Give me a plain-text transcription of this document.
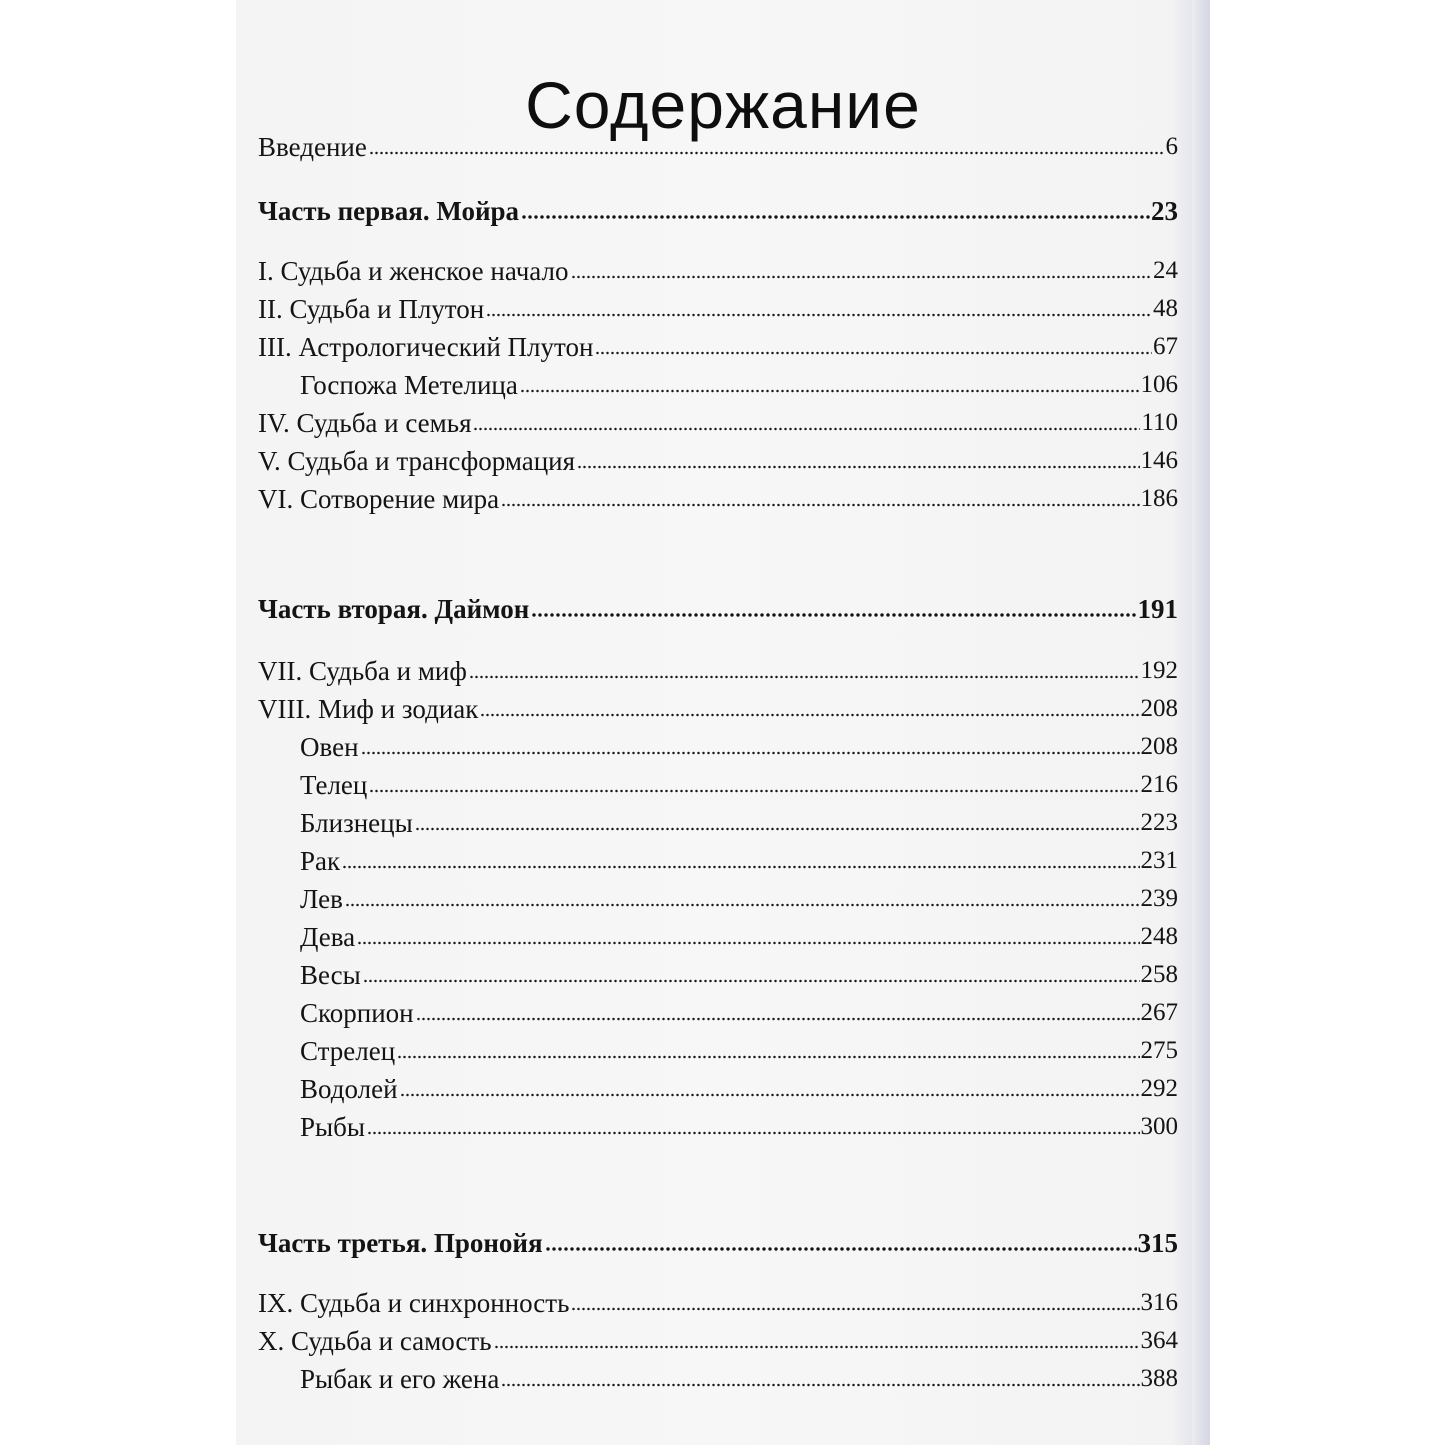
Содержание
Введение	6
Часть первая. Мойра	23
I. Судьба и женское начало	24
II. Судьба и Плутон	48
III. Астрологический Плутон	67
Госпожа Метелица	106
IV. Судьба и семья	110
V. Судьба и трансформация	146
VI. Сотворение мира	186
Часть вторая. Даймон	191
VII. Судьба и миф	192
VIII. Миф и зодиак	208
Овен	208
Телец	216
Близнецы	223
Рак	231
Лев	239
Дева	248
Весы	258
Скорпион	267
Стрелец	275
Водолей	292
Рыбы	300
Часть третья. Пронойя	315
IX. Судьба и синхронность	316
X. Судьба и самость	364
Рыбак и его жена	388
